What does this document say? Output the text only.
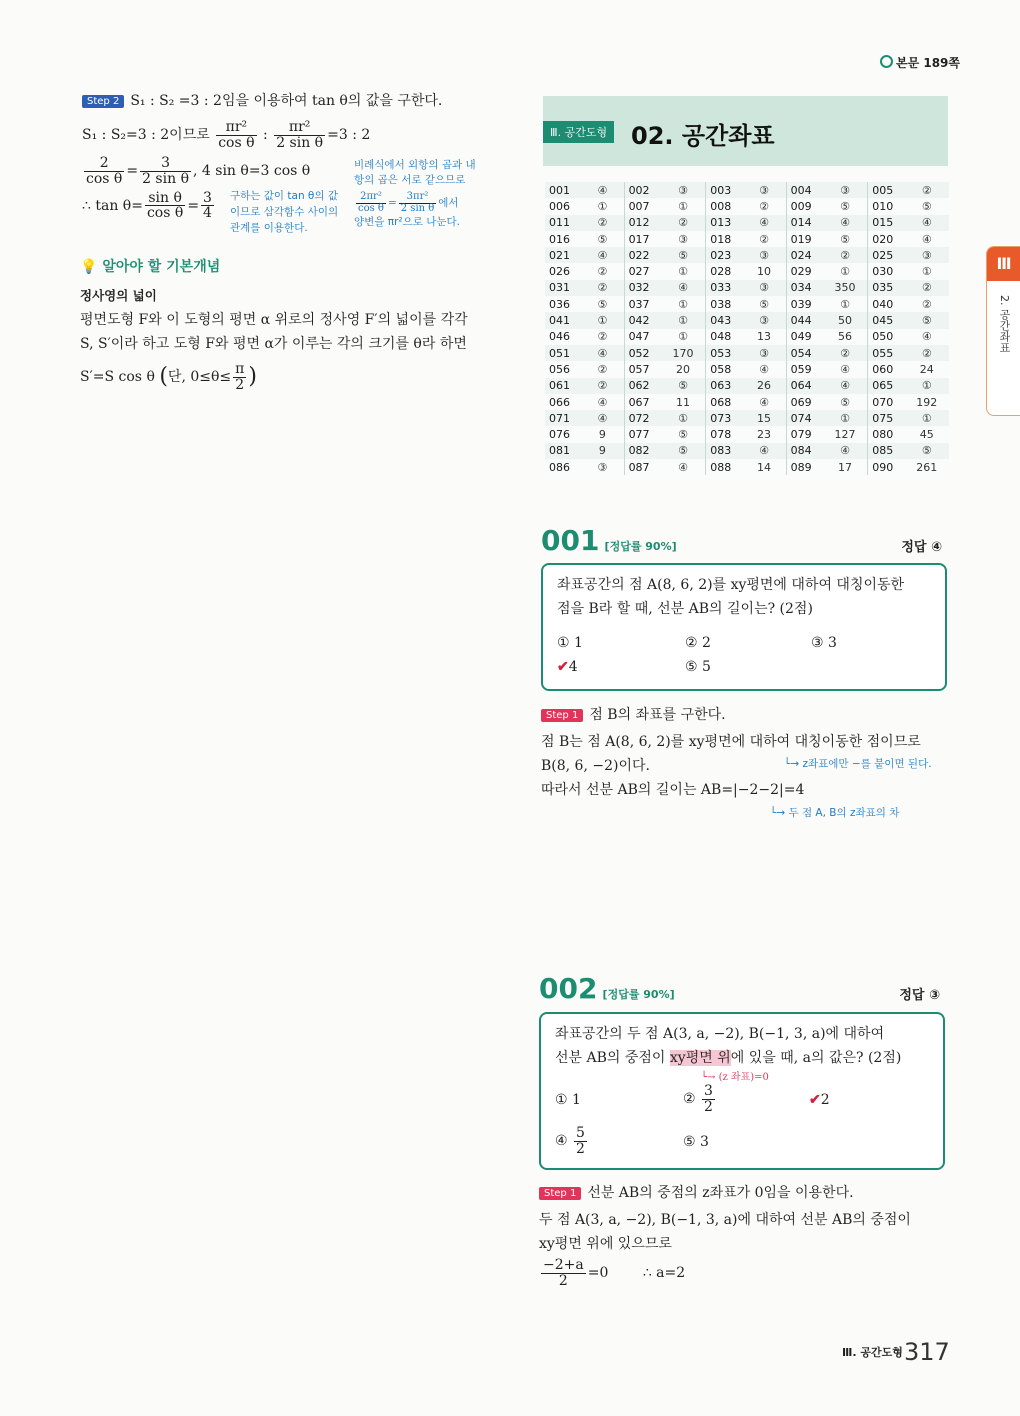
본문 189쪽
Step 2 S₁ : S₂ =3 : 2임을 이용하여 tan θ의 값을 구한다.
S₁ : S₂=3 : 2이므로 $\frac{\text{πr²}}{\text{cos θ}}$ : $\frac{\text{πr²}}{\text{2 sin θ}} =3$ : 2
$\frac{2}{\text{cos θ}} = \frac{3}{\text{2 sin θ}}$ , 4 sin θ=3 cos θ
∴ $\tan \theta= \frac{\text{sin θ}}{\text{cos θ}} = \frac{3}{4}$
비례식에서 외항의 곱과 내항의 곱은 서로 같으므로
구하는 값이 tan θ의 값이므로 삼각함수 사이의 관계를 이용한다.
$\frac{\text{2πr²}}{\text{cos θ}} = \frac{\text{3πr²}}{\text{2 sin θ}}$ 에서
양변을 πr²으로 나눈다.
💡 알아야 할 기본개념
정사영의 넓이
평면도형 F와 이 도형의 평면 α 위로의 정사영 F′의 넓이를 각각
S, S′이라 하고 도형 F와 평면 α가 이루는 각의 크기를 θ라 하면
S′=S cos θ (단, $0\le\theta\le \frac{\pi}{2}$ )
Ⅲ. 공간도형 02. 공간좌표
001	④	002	③	003	③	004	③	005	②
006	①	007	①	008	②	009	⑤	010	⑤
011	②	012	②	013	④	014	④	015	④
016	⑤	017	③	018	②	019	⑤	020	④
021	④	022	⑤	023	③	024	②	025	③
026	②	027	①	028	10	029	①	030	①
031	②	032	④	033	③	034	350	035	②
036	⑤	037	①	038	⑤	039	①	040	②
041	①	042	①	043	③	044	50	045	⑤
046	②	047	①	048	13	049	56	050	④
051	④	052	170	053	③	054	②	055	②
056	②	057	20	058	④	059	④	060	24
061	②	062	⑤	063	26	064	④	065	①
066	④	067	11	068	④	069	⑤	070	192
071	④	072	①	073	15	074	①	075	①
076	9	077	⑤	078	23	079	127	080	45
081	9	082	⑤	083	④	084	④	085	⑤
086	③	087	④	088	14	089	17	090	261
Ⅲ
2. 공간좌표
001 [정답률 90%]	정답 ④
좌표공간의 점 A(8, 6, 2)를 xy평면에 대하여 대칭이동한
점을 B라 할 때, 선분 AB의 길이는? (2점)
① 1	② 2	③ 3
✔4	⑤ 5
Step 1 점 B의 좌표를 구한다.
점 B는 점 A(8, 6, 2)를 xy평면에 대하여 대칭이동한 점이므로
B(8, 6, −2)이다.
따라서 선분 AB의 길이는 AB=|−2−2|=4
└→ z좌표에만 −를 붙이면 된다.
└→ 두 점 A, B의 z좌표의 차
002 [정답률 90%]	정답 ③
좌표공간의 두 점 A(3, a, −2), B(−1, 3, a)에 대하여
선분 AB의 중점이 xy평면 위에 있을 때, a의 값은? (2점)
└→ (z 좌표)=0
① 1	② $\frac{3}{2}$	✔2
④ $\frac{5}{2}$	⑤ 3
Step 1 선분 AB의 중점의 z좌표가 0임을 이용한다.
두 점 A(3, a, −2), B(−1, 3, a)에 대하여 선분 AB의 중점이
xy평면 위에 있으므로
$\frac{-2+a}{2} =0$ ∴ a=2
Ⅲ. 공간도형 317
